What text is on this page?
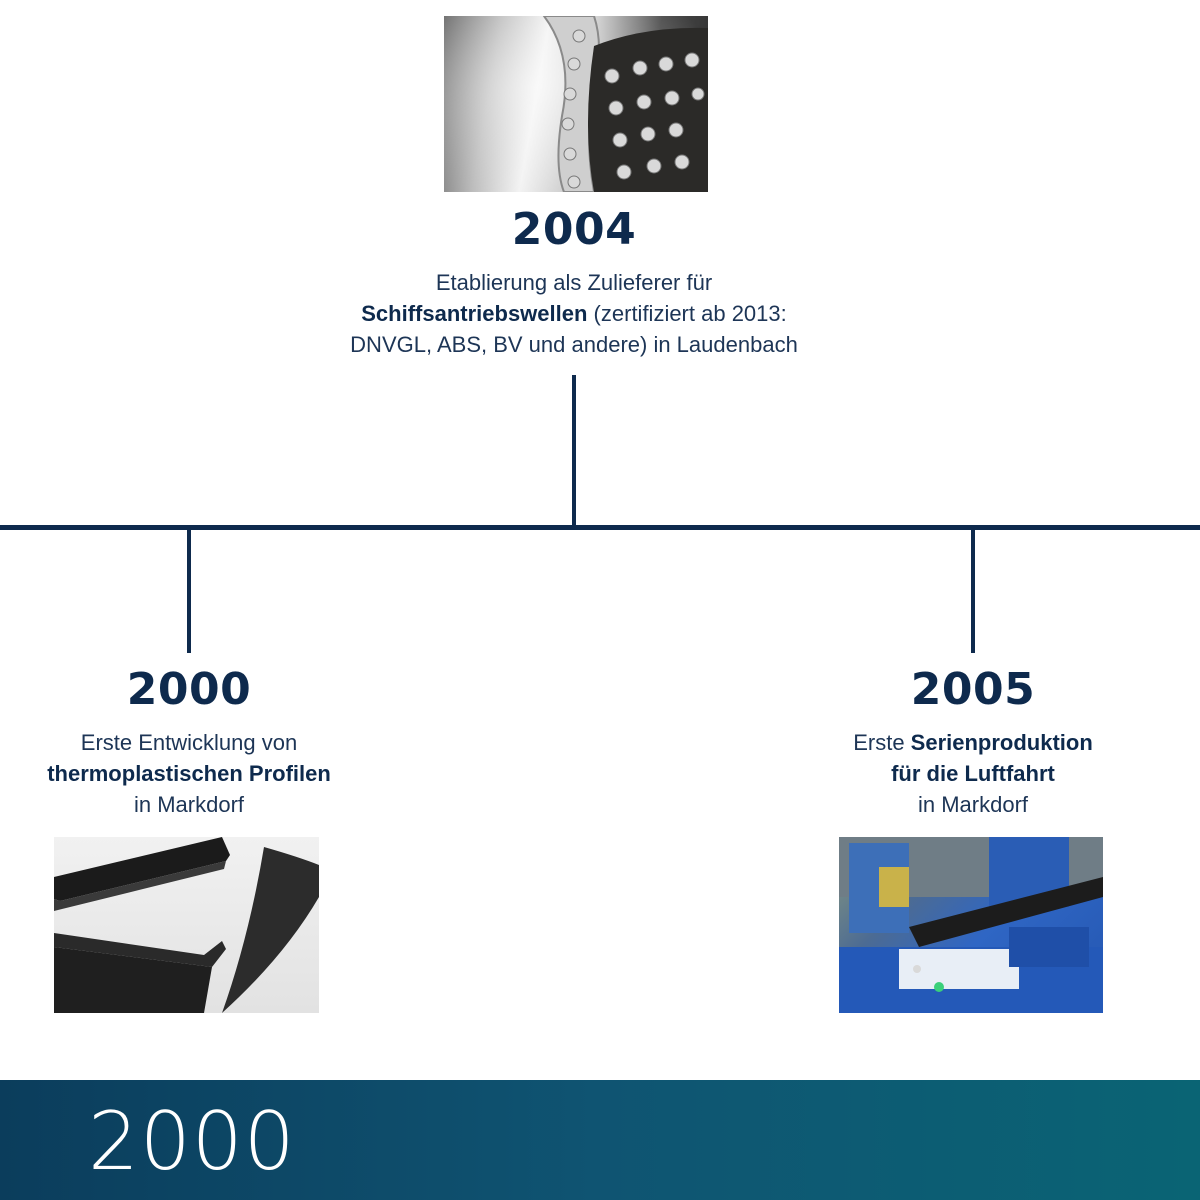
2004
Etablierung als Zulieferer für
Schiffsantriebswellen (zertifiziert ab 2013:
DNVGL, ABS, BV und andere) in Laudenbach
2000
Erste Entwicklung von
thermoplastischen Profilen
in Markdorf
2005
Erste Serienproduktion
für die Luftfahrt
in Markdorf
2000
